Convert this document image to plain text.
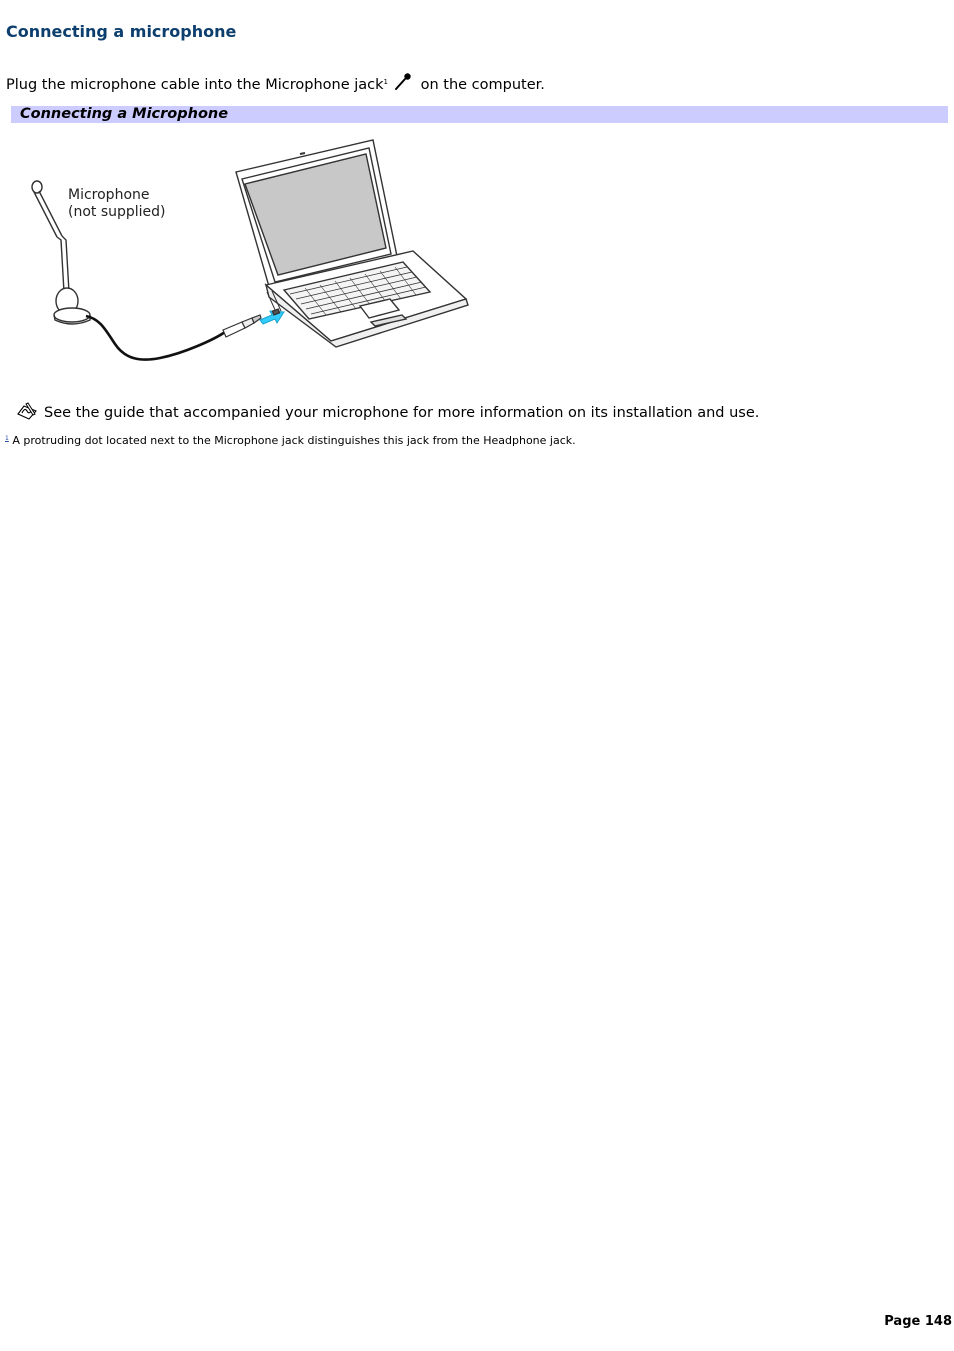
Connecting a microphone
Plug the microphone cable into the Microphone jack$^1$ on the computer.
Connecting a Microphone
Microphone
(not supplied)
See the guide that accompanied your microphone for more information on its installation and use.
$^1$ A protruding dot located next to the Microphone jack distinguishes this jack from the Headphone jack.
Page 148
